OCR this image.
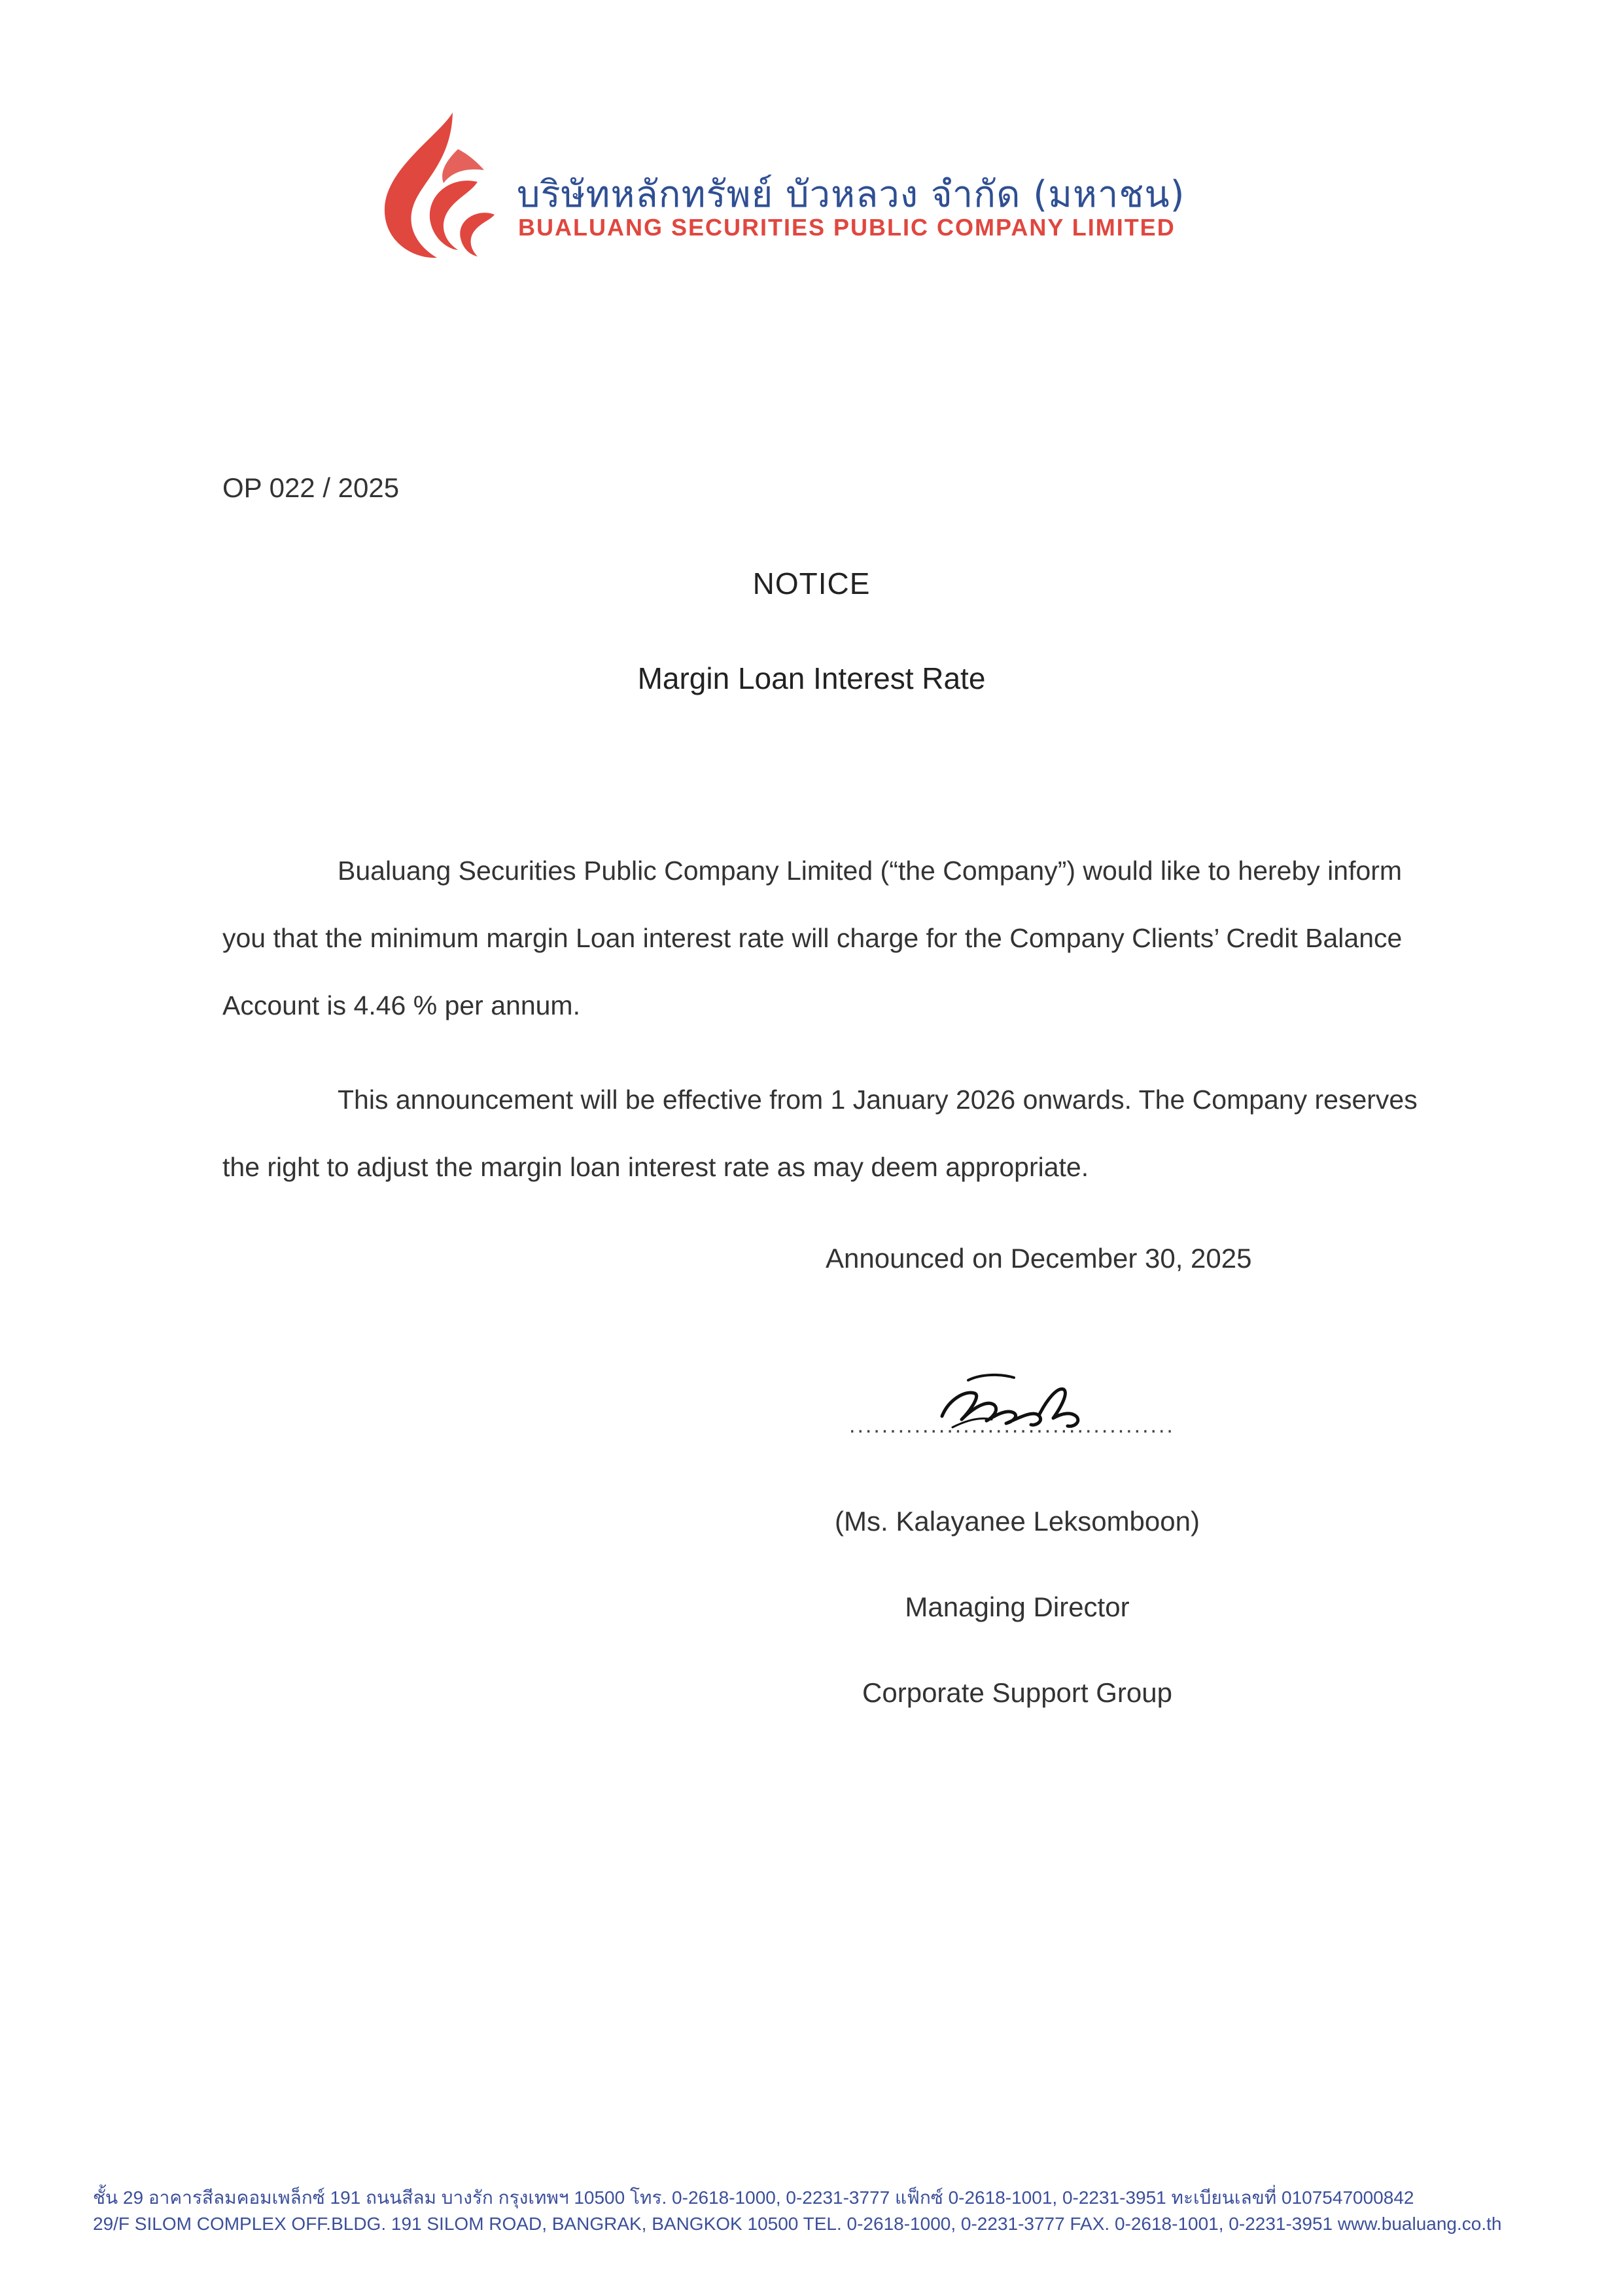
บริษัทหลักทรัพย์ บัวหลวง จำกัด (มหาชน)
BUALUANG SECURITIES PUBLIC COMPANY LIMITED
OP 022 / 2025
NOTICE
Margin Loan Interest Rate
Bualuang Securities Public Company Limited (“the Company”) would like to hereby inform you that the minimum margin Loan interest rate will charge for the Company Clients’ Credit Balance Account is 4.46 % per annum.
This announcement will be effective from 1 January 2026 onwards. The Company reserves the right to adjust the margin loan interest rate as may deem appropriate.
Announced on December 30, 2025
........................................
(Ms. Kalayanee Leksomboon)
Managing Director
Corporate Support Group
ชั้น 29 อาคารสีลมคอมเพล็กซ์ 191 ถนนสีลม บางรัก กรุงเทพฯ 10500 โทร. 0-2618-1000, 0-2231-3777 แฟ็กซ์ 0-2618-1001, 0-2231-3951 ทะเบียนเลขที่ 0107547000842
29/F SILOM COMPLEX OFF.BLDG. 191 SILOM ROAD, BANGRAK, BANGKOK 10500 TEL. 0-2618-1000, 0-2231-3777 FAX. 0-2618-1001, 0-2231-3951 www.bualuang.co.th
